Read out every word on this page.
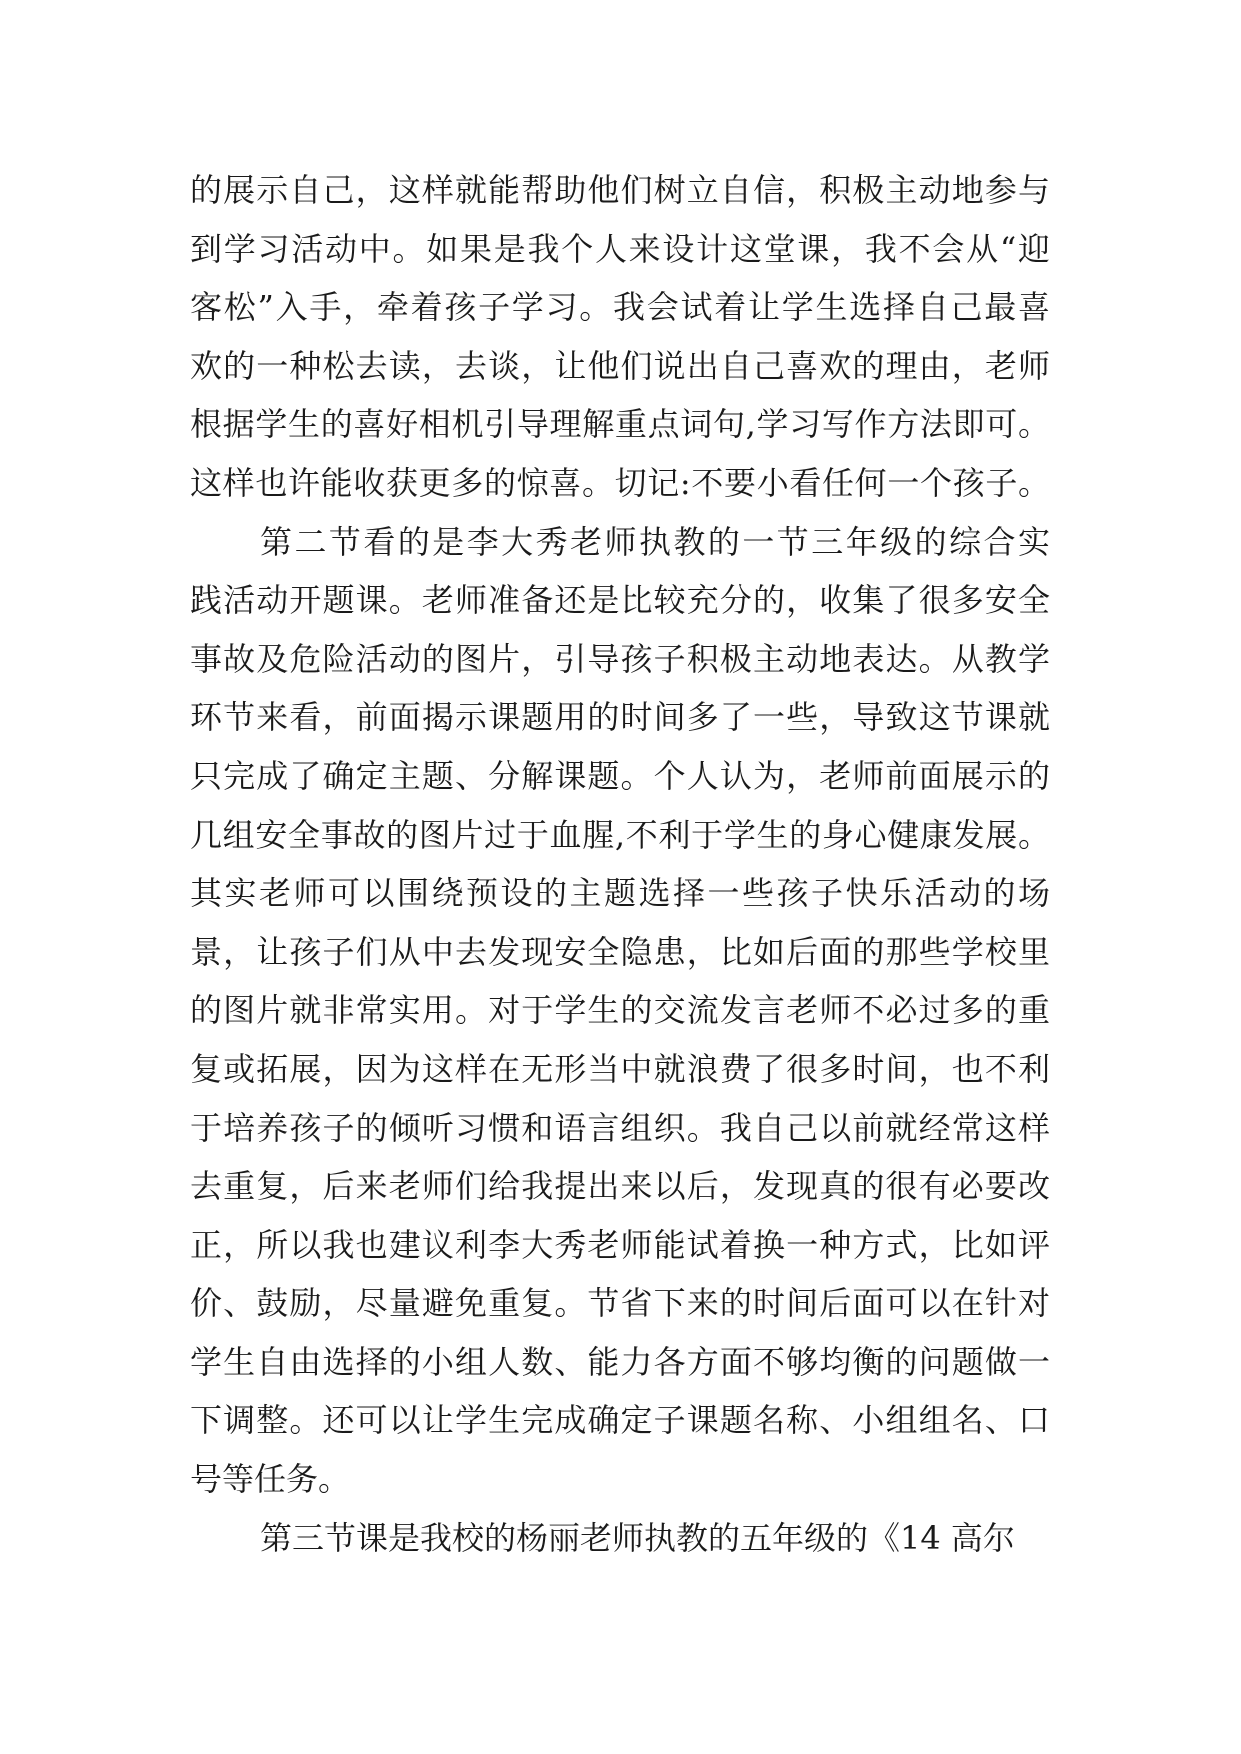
的展示自己，这样就能帮助他们树立自信，积极主动地参与
到学习活动中。如果是我个人来设计这堂课，我不会从“迎
客松”入手，牵着孩子学习。我会试着让学生选择自己最喜
欢的一种松去读，去谈，让他们说出自己喜欢的理由，老师
根据学生的喜好相机引导理解重点词句,学习写作方法即可。
这样也许能收获更多的惊喜。切记:不要小看任何一个孩子。
第二节看的是李大秀老师执教的一节三年级的综合实
践活动开题课。老师准备还是比较充分的，收集了很多安全
事故及危险活动的图片，引导孩子积极主动地表达。从教学
环节来看，前面揭示课题用的时间多了一些，导致这节课就
只完成了确定主题、分解课题。个人认为，老师前面展示的
几组安全事故的图片过于血腥,不利于学生的身心健康发展。
其实老师可以围绕预设的主题选择一些孩子快乐活动的场
景，让孩子们从中去发现安全隐患，比如后面的那些学校里
的图片就非常实用。对于学生的交流发言老师不必过多的重
复或拓展，因为这样在无形当中就浪费了很多时间，也不利
于培养孩子的倾听习惯和语言组织。我自己以前就经常这样
去重复，后来老师们给我提出来以后，发现真的很有必要改
正，所以我也建议利李大秀老师能试着换一种方式，比如评
价、鼓励，尽量避免重复。节省下来的时间后面可以在针对
学生自由选择的小组人数、能力各方面不够均衡的问题做一
下调整。还可以让学生完成确定子课题名称、小组组名、口
号等任务。
第三节课是我校的杨丽老师执教的五年级的《14 高尔
